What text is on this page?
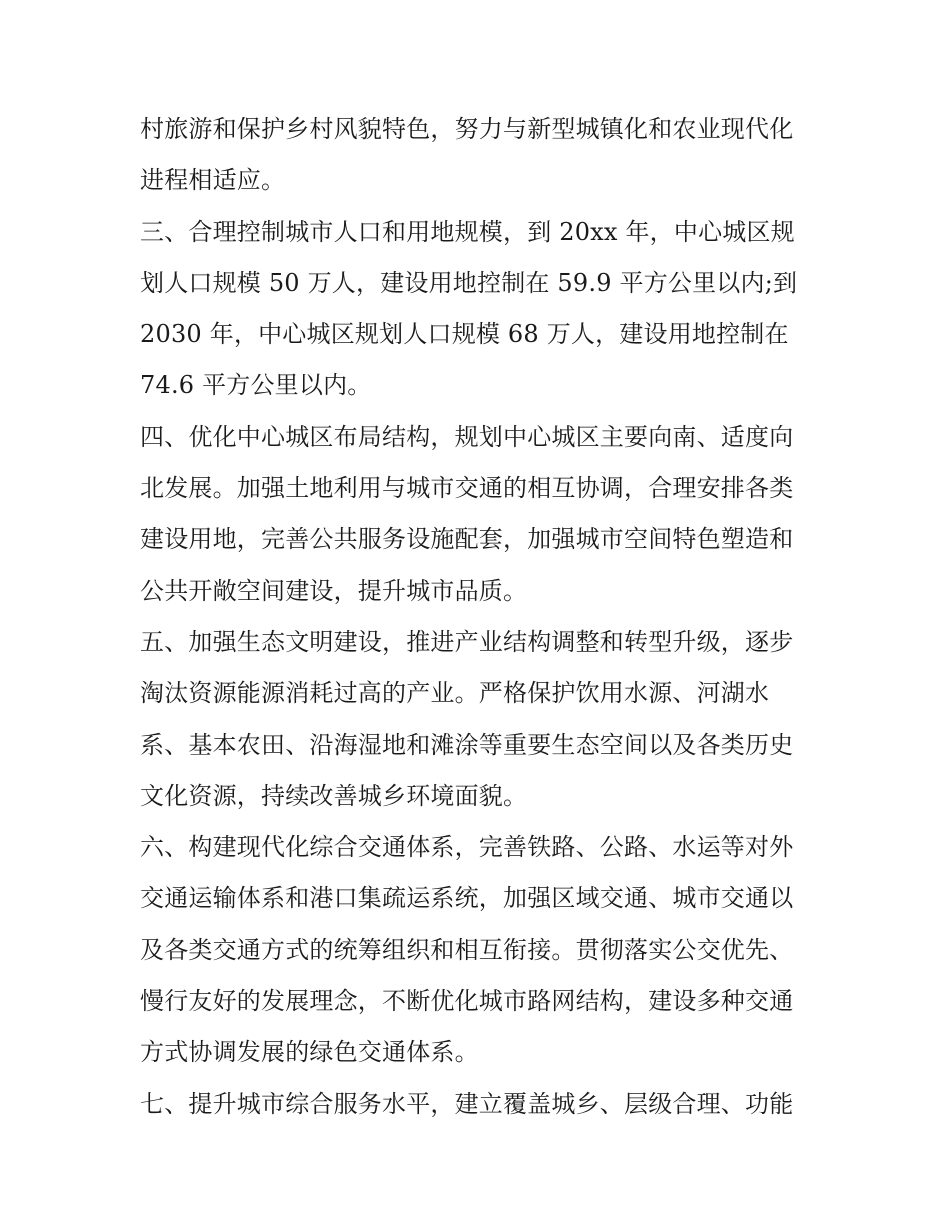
村旅游和保护乡村风貌特色，努力与新型城镇化和农业现代化
进程相适应。
三、合理控制城市人口和用地规模，到 20xx 年，中心城区规
划人口规模 50 万人，建设用地控制在 59.9 平方公里以内;到
2030 年，中心城区规划人口规模 68 万人，建设用地控制在
74.6 平方公里以内。
四、优化中心城区布局结构，规划中心城区主要向南、适度向
北发展。加强土地利用与城市交通的相互协调，合理安排各类
建设用地，完善公共服务设施配套，加强城市空间特色塑造和
公共开敞空间建设，提升城市品质。
五、加强生态文明建设，推进产业结构调整和转型升级，逐步
淘汰资源能源消耗过高的产业。严格保护饮用水源、河湖水
系、基本农田、沿海湿地和滩涂等重要生态空间以及各类历史
文化资源，持续改善城乡环境面貌。
六、构建现代化综合交通体系，完善铁路、公路、水运等对外
交通运输体系和港口集疏运系统，加强区域交通、城市交通以
及各类交通方式的统筹组织和相互衔接。贯彻落实公交优先、
慢行友好的发展理念，不断优化城市路网结构，建设多种交通
方式协调发展的绿色交通体系。
七、提升城市综合服务水平，建立覆盖城乡、层级合理、功能
